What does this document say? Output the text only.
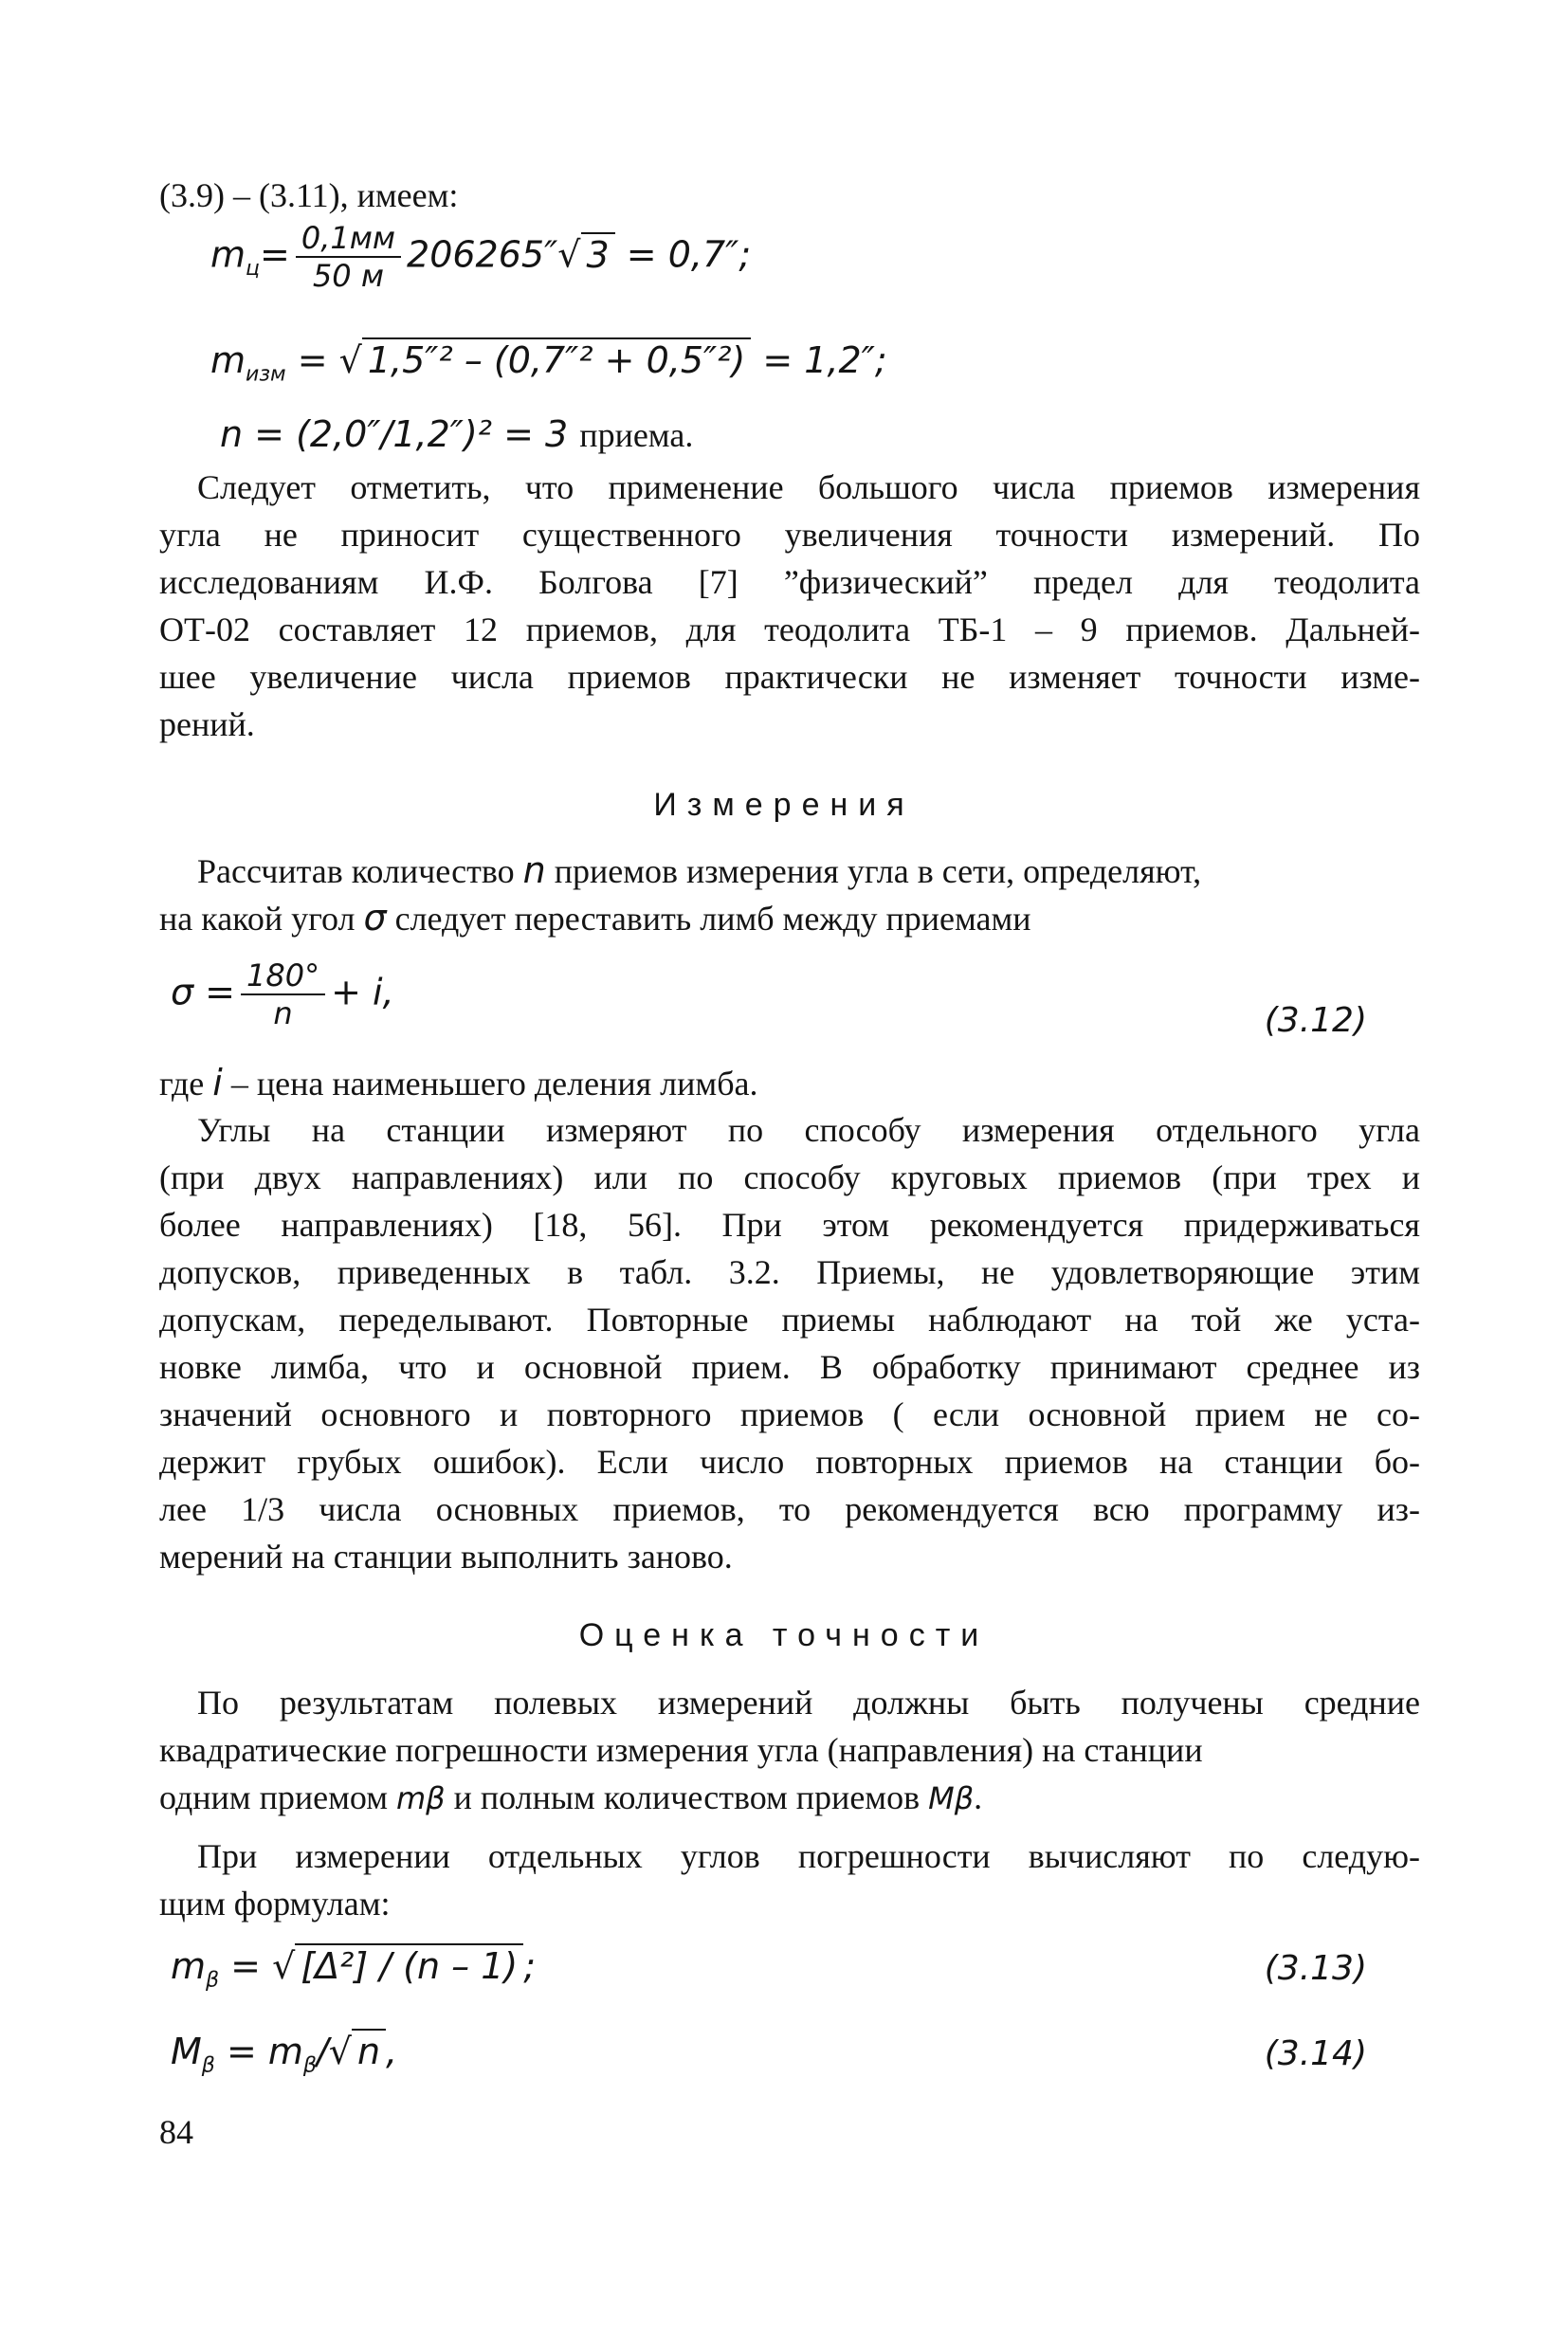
(3.9) – (3.11), имеем:
$m_ц= \frac{0,1мм}{50 м} 206265''√$ 3 = 0,7″;
$m_{изм}$ = √ 1,5″² – (0,7″² + 0,5″²) = 1,2″;
n = (2,0″/1,2″)² = 3 приема.
Следует отметить, что применение большого числа приемов измерения
угла не приносит существенного увеличения точности измерений. По
исследованиям И.Ф. Болгова [7] ”физический” предел для теодолита
ОТ-02 составляет 12 приемов, для теодолита ТБ-1 – 9 приемов. Дальней-
шее увеличение числа приемов практически не изменяет точности изме-
рений.
Измерения
Рассчитав количество n приемов измерения угла в сети, определяют,
на какой угол σ следует переставить лимб между приемами
$\sigma = \frac{180^\circ}{n} + i$,
(3.12)
где i – цена наименьшего деления лимба.
Углы на станции измеряют по способу измерения отдельного угла
(при двух направлениях) или по способу круговых приемов (при трех и
более направлениях) [18, 56]. При этом рекомендуется придерживаться
допусков, приведенных в табл. 3.2. Приемы, не удовлетворяющие этим
допускам, переделывают. Повторные приемы наблюдают на той же уста-
новке лимба, что и основной прием. В обработку принимают среднее из
значений основного и повторного приемов ( если основной прием не со-
держит грубых ошибок). Если число повторных приемов на станции бо-
лее 1/3 числа основных приемов, то рекомендуется всю программу из-
мерений на станции выполнить заново.
Оценка точности
По результатам полевых измерений должны быть получены средние
квадратические погрешности измерения угла (направления) на станции
одним приемом mβ и полным количеством приемов Mβ.
При измерении отдельных углов погрешности вычисляют по следую-
щим формулам:
$m_\beta$ = √ [Δ²] / (n – 1) ;	(3.13)
$M_\beta = m_\beta/√$ n ,	(3.14)
84
